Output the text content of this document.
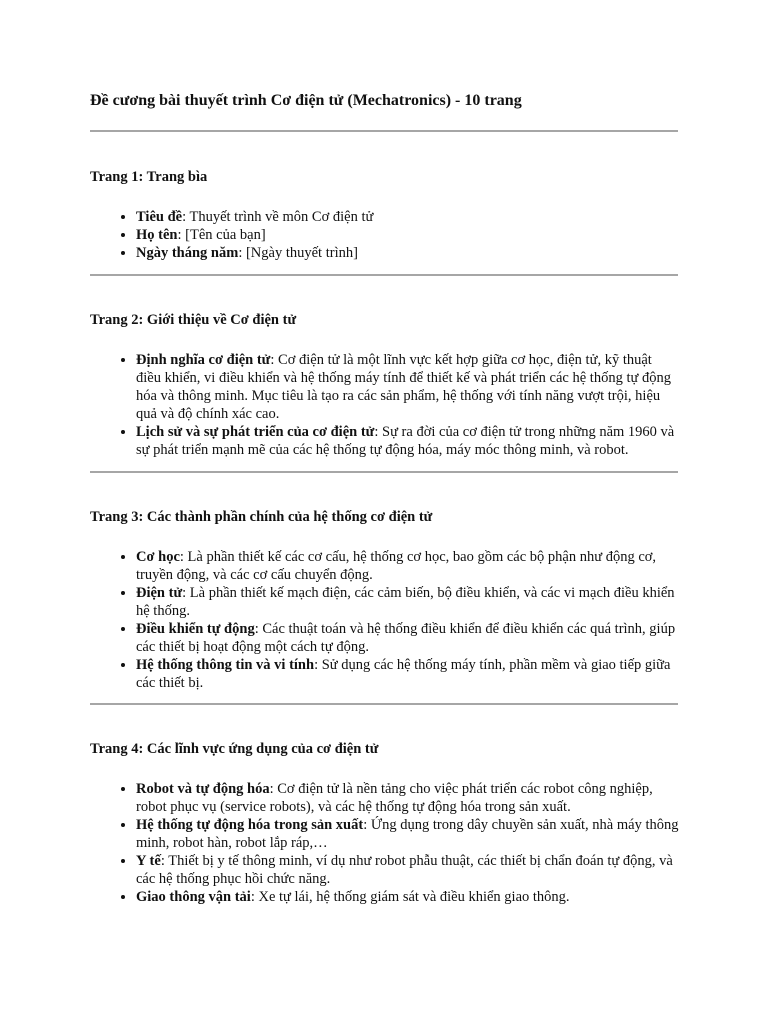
Đề cương bài thuyết trình Cơ điện tử (Mechatronics) - 10 trang
Trang 1: Trang bìa
• Tiêu đề: Thuyết trình về môn Cơ điện tử
• Họ tên: [Tên của bạn]
• Ngày tháng năm: [Ngày thuyết trình]
Trang 2: Giới thiệu về Cơ điện tử
• Định nghĩa cơ điện tử: Cơ điện tử là một lĩnh vực kết hợp giữa cơ học, điện tử, kỹ thuật điều khiển, vi điều khiển và hệ thống máy tính để thiết kế và phát triển các hệ thống tự động hóa và thông minh. Mục tiêu là tạo ra các sản phẩm, hệ thống với tính năng vượt trội, hiệu quả và độ chính xác cao.
• Lịch sử và sự phát triển của cơ điện tử: Sự ra đời của cơ điện tử trong những năm 1960 và sự phát triển mạnh mẽ của các hệ thống tự động hóa, máy móc thông minh, và robot.
Trang 3: Các thành phần chính của hệ thống cơ điện tử
• Cơ học: Là phần thiết kế các cơ cấu, hệ thống cơ học, bao gồm các bộ phận như động cơ, truyền động, và các cơ cấu chuyển động.
• Điện tử: Là phần thiết kế mạch điện, các cảm biến, bộ điều khiển, và các vi mạch điều khiển hệ thống.
• Điều khiển tự động: Các thuật toán và hệ thống điều khiển để điều khiển các quá trình, giúp các thiết bị hoạt động một cách tự động.
• Hệ thống thông tin và vi tính: Sử dụng các hệ thống máy tính, phần mềm và giao tiếp giữa các thiết bị.
Trang 4: Các lĩnh vực ứng dụng của cơ điện tử
• Robot và tự động hóa: Cơ điện tử là nền tảng cho việc phát triển các robot công nghiệp, robot phục vụ (service robots), và các hệ thống tự động hóa trong sản xuất.
• Hệ thống tự động hóa trong sản xuất: Ứng dụng trong dây chuyền sản xuất, nhà máy thông minh, robot hàn, robot lắp ráp,…
• Y tế: Thiết bị y tế thông minh, ví dụ như robot phẫu thuật, các thiết bị chẩn đoán tự động, và các hệ thống phục hồi chức năng.
• Giao thông vận tải: Xe tự lái, hệ thống giám sát và điều khiển giao thông.
